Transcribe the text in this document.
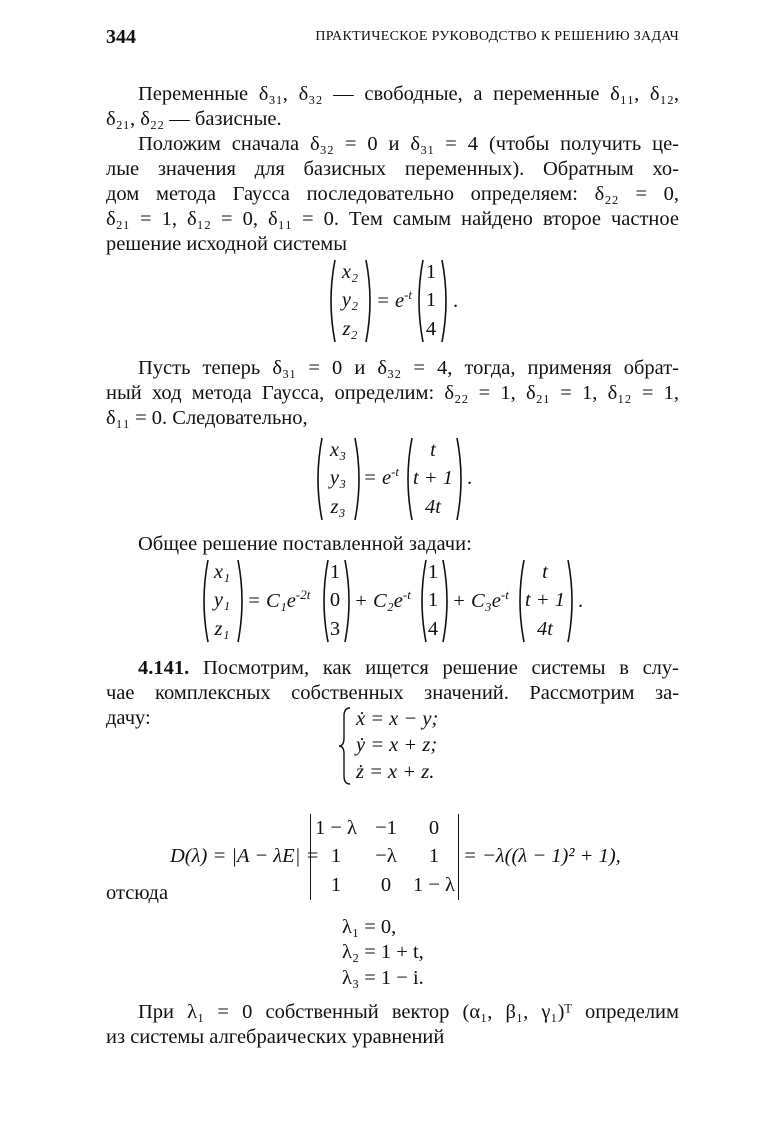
344	ПРАКТИЧЕСКОЕ РУКОВОДСТВО К РЕШЕНИЮ ЗАДАЧ

Переменные δ₃₁, δ₃₂ — свободные, а переменные δ₁₁, δ₁₂,
δ₂₁, δ₂₂ — базисные.

Положим сначала δ₃₂ = 0 и δ₃₁ = 4 (чтобы получить це-
лые значения для базисных переменных). Обратным хо-
дом метода Гаусса последовательно определяем: δ₂₂ = 0,
δ₂₁ = 1, δ₁₂ = 0, δ₁₁ = 0. Тем самым найдено второе частное
решение исходной системы

x₂
y₂
z₂
= $e^{-t}$
1
1
4
.

Пусть теперь δ₃₁ = 0 и δ₃₂ = 4, тогда, применяя обрат-
ный ход метода Гаусса, определим: δ₂₂ = 1, δ₂₁ = 1, δ₁₂ = 1,
δ₁₁ = 0. Следовательно,

x₃
y₃
z₃
= $e^{-t}$
t
t + 1
4t
.

Общее решение поставленной задачи:

x₁
y₁
z₁
= $C_1e^{-2t}$
1
0
3
+ $C_2e^{-t}$
1
1
4
+ $C_3e^{-t}$
t
t + 1
4t
.

4.141. Посмотрим, как ищется решение системы в слу-
чае комплексных собственных значений. Рассмотрим за-
дачу:	ẋ = x − y;
ẏ = x + z;
ż = x + z.
D(λ) = |A − λE| =
1 − λ
1
1
−1
−λ
0
0
1
1 − λ
= −λ((λ − 1)² + 1),
отсюда
λ₁ = 0,
λ₂ = 1 + t,
λ₃ = 1 − i.

При λ₁ = 0 собственный вектор (α₁, β₁, γ₁)ᵀ определим
из системы алгебраических уравнений
